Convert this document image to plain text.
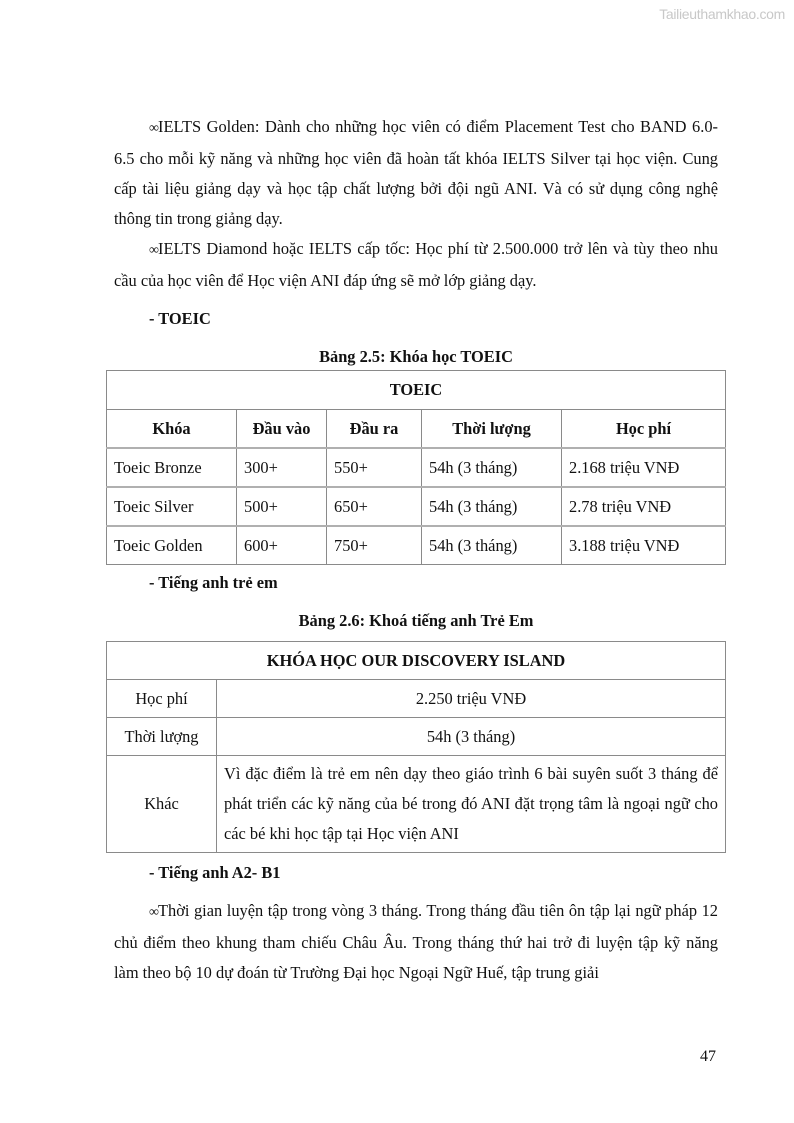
Tailieuthamkhao.com

∞IELTS Golden: Dành cho những học viên có điểm Placement Test cho BAND 6.0-6.5 cho mỗi kỹ năng và những học viên đã hoàn tất khóa IELTS Silver tại học viện. Cung cấp tài liệu giảng dạy và học tập chất lượng bởi đội ngũ ANI. Và có sử dụng công nghệ thông tin trong giảng dạy.

∞IELTS Diamond hoặc IELTS cấp tốc: Học phí từ 2.500.000 trở lên và tùy theo nhu cầu của học viên để Học viện ANI đáp ứng sẽ mở lớp giảng dạy.

- TOEIC

Bảng 2.5: Khóa học TOEIC

TOEIC				
Khóa	Đầu vào	Đầu ra	Thời lượng	Học phí
Toeic Bronze	300+	550+	54h (3 tháng)	2.168 triệu VNĐ
Toeic Silver	500+	650+	54h (3 tháng)	2.78 triệu VNĐ
Toeic Golden	600+	750+	54h (3 tháng)	3.188 triệu VNĐ

- Tiếng anh trẻ em

Bảng 2.6: Khoá tiếng anh Trẻ Em

KHÓA HỌC OUR DISCOVERY ISLAND	
Học phí	2.250 triệu VNĐ
Thời lượng	54h (3 tháng)
Khác	Vì đặc điểm là trẻ em nên dạy theo giáo trình 6 bài suyên suốt 3 tháng để phát triển các kỹ năng của bé trong đó ANI đặt trọng tâm là ngoại ngữ cho các bé khi học tập tại Học viện ANI

- Tiếng anh A2- B1

∞Thời gian luyện tập trong vòng 3 tháng. Trong tháng đầu tiên ôn tập lại ngữ pháp 12 chủ điểm theo khung tham chiếu Châu Âu. Trong tháng thứ hai trở đi luyện tập kỹ năng làm theo bộ 10 dự đoán từ Trường Đại học Ngoại Ngữ Huế, tập trung giải

47
